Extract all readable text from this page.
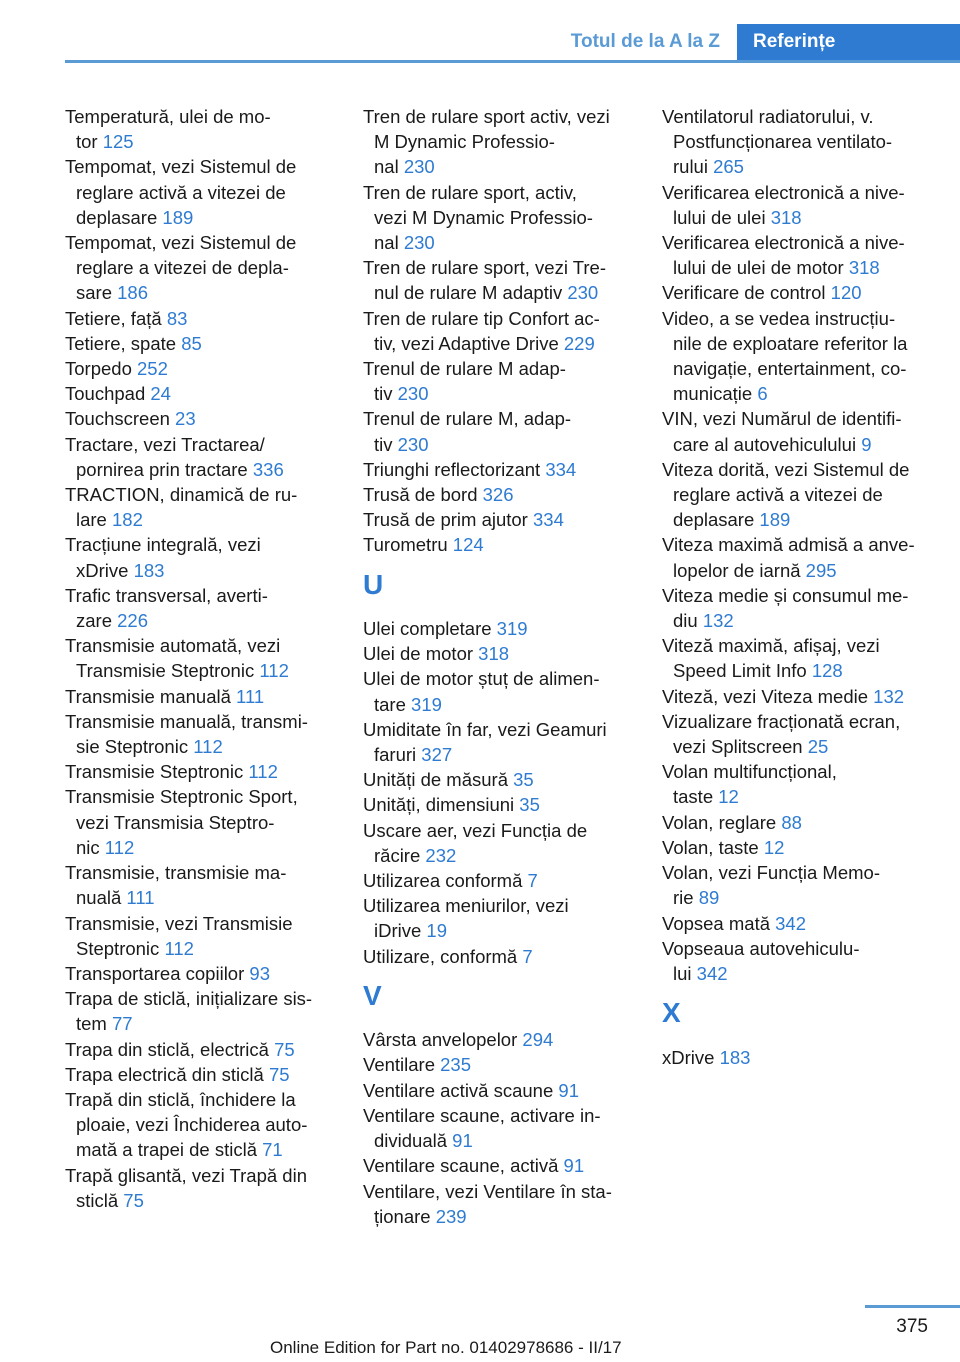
Totul de la A la Z	Referințe
Temperatură, ulei de mo-
tor 125
Tempomat, vezi Sistemul de
reglare activă a vitezei de
deplasare 189
Tempomat, vezi Sistemul de
reglare a vitezei de depla-
sare 186
Tetiere, față 83
Tetiere, spate 85
Torpedo 252
Touchpad 24
Touchscreen 23
Tractare, vezi Tractarea/
pornirea prin tractare 336
TRACTION, dinamică de ru-
lare 182
Tracțiune integrală, vezi
xDrive 183
Trafic transversal, averti-
zare 226
Transmisie automată, vezi
Transmisie Steptronic 112
Transmisie manuală 111
Transmisie manuală, transmi-
sie Steptronic 112
Transmisie Steptronic 112
Transmisie Steptronic Sport,
vezi Transmisia Steptro-
nic 112
Transmisie, transmisie ma-
nuală 111
Transmisie, vezi Transmisie
Steptronic 112
Transportarea copiilor 93
Trapa de sticlă, inițializare sis-
tem 77
Trapa din sticlă, electrică 75
Trapa electrică din sticlă 75
Trapă din sticlă, închidere la
ploaie, vezi Închiderea auto-
mată a trapei de sticlă 71
Trapă glisantă, vezi Trapă din
sticlă 75
Tren de rulare sport activ, vezi
M Dynamic Professio-
nal 230
Tren de rulare sport, activ,
vezi M Dynamic Professio-
nal 230
Tren de rulare sport, vezi Tre-
nul de rulare M adaptiv 230
Tren de rulare tip Confort ac-
tiv, vezi Adaptive Drive 229
Trenul de rulare M adap-
tiv 230
Trenul de rulare M, adap-
tiv 230
Triunghi reflectorizant 334
Trusă de bord 326
Trusă de prim ajutor 334
Turometru 124
U
Ulei completare 319
Ulei de motor 318
Ulei de motor ștuț de alimen-
tare 319
Umiditate în far, vezi Geamuri
faruri 327
Unități de măsură 35
Unități, dimensiuni 35
Uscare aer, vezi Funcția de
răcire 232
Utilizarea conformă 7
Utilizarea meniurilor, vezi
iDrive 19
Utilizare, conformă 7
V
Vârsta anvelopelor 294
Ventilare 235
Ventilare activă scaune 91
Ventilare scaune, activare in-
dividuală 91
Ventilare scaune, activă 91
Ventilare, vezi Ventilare în sta-
ționare 239
Ventilatorul radiatorului, v.
Postfuncționarea ventilato-
rului 265
Verificarea electronică a nive-
lului de ulei 318
Verificarea electronică a nive-
lului de ulei de motor 318
Verificare de control 120
Video, a se vedea instrucțiu-
nile de exploatare referitor la
navigație, entertainment, co-
municație 6
VIN, vezi Numărul de identifi-
care al autovehiculului 9
Viteza dorită, vezi Sistemul de
reglare activă a vitezei de
deplasare 189
Viteza maximă admisă a anve-
lopelor de iarnă 295
Viteza medie și consumul me-
diu 132
Viteză maximă, afișaj, vezi
Speed Limit Info 128
Viteză, vezi Viteza medie 132
Vizualizare fracționată ecran,
vezi Splitscreen 25
Volan multifuncțional,
taste 12
Volan, reglare 88
Volan, taste 12
Volan, vezi Funcția Memo-
rie 89
Vopsea mată 342
Vopseaua autovehiculu-
lui 342
X
xDrive 183
375
Online Edition for Part no. 01402978686 - II/17
